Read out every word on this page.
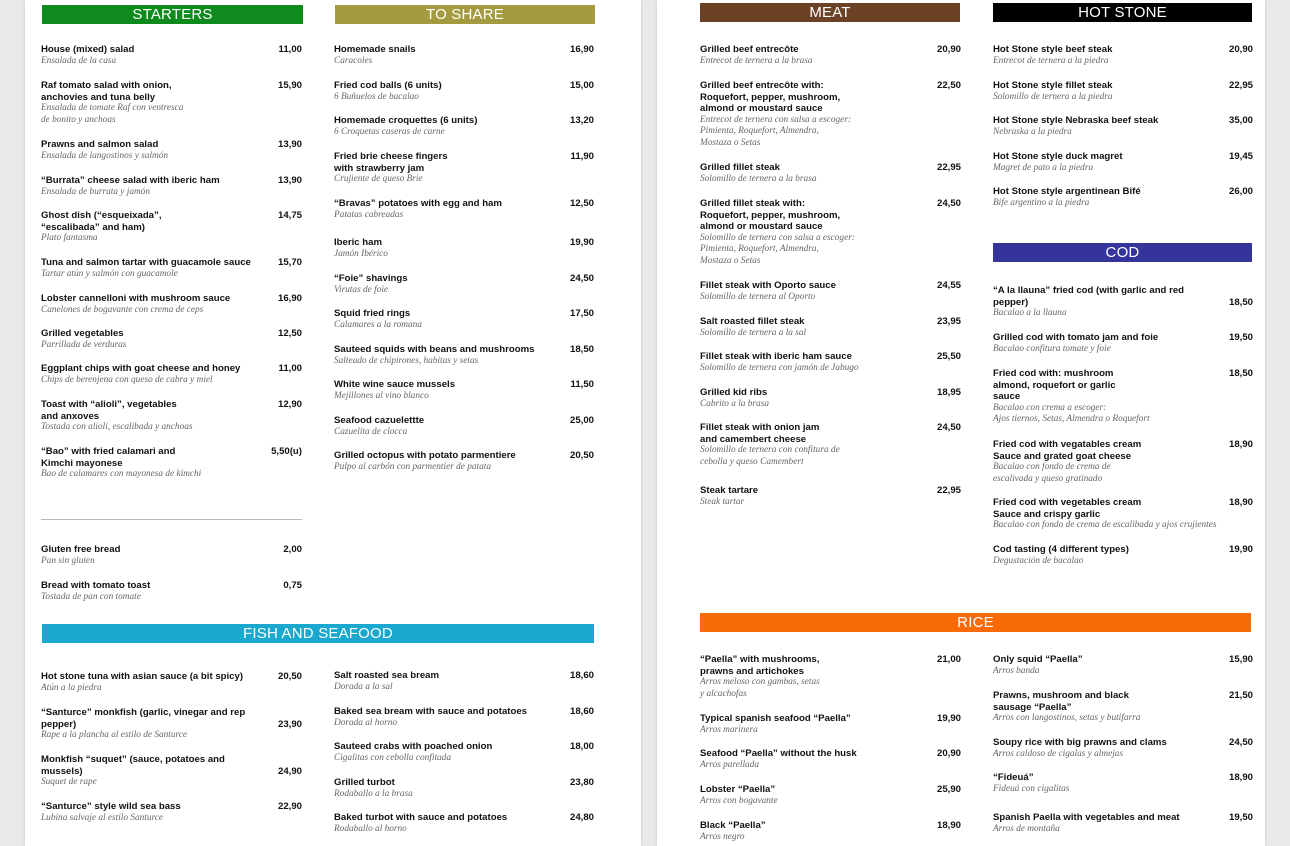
STARTERS	TO SHARE
FISH AND SEAFOOD
House (mixed) salad
Ensalada de la casa
11,00
Raf tomato salad with onion,
anchovies and tuna belly
Ensalada de tomate Raf con ventresca
de bonito y anchoas
15,90
Prawns and salmon salad
Ensalada de langostinos y salmón
13,90
“Burrata” cheese salad with iberic ham
Ensalada de burrata y jamón
13,90
Ghost dish (“esqueixada”,
“escalibada” and ham)
Plato fantasma
14,75
Tuna and salmon tartar with guacamole sauce
Tartar atún y salmón con guacamole
15,70
Lobster cannelloni with mushroom sauce
Canelones de bogavante con crema de ceps
16,90
Grilled vegetables
Parrillada de verduras
12,50
Eggplant chips with goat cheese and honey
Chips de berenjena con queso de cabra y miel
11,00
Toast with “alioli”, vegetables
and anxoves
Tostada con alioli, escalibada y anchoas
12,90
“Bao” with fried calamari and
Kimchi mayonese
Bao de calamares con mayonesa de kimchi
5,50(u)
Gluten free bread
Pan sin gluten
2,00
Bread with tomato toast
Tostada de pan con tomate
0,75
Homemade snails
Caracoles
16,90
Fried cod balls (6 units)
6 Buñuelos de bacalao
15,00
Homemade croquettes (6 units)
6 Croquetas caseras de carne
13,20
Fried brie cheese fingers
with strawberry jam
Crujiente de queso Brie
11,90
“Bravas” potatoes with egg and ham
Patatas cabreadas
12,50
Iberic ham
Jamón Ibérico
19,90
“Foie” shavings
Virutas de foie
24,50
Squid fried rings
Calamares a la romana
17,50
Sauteed squids with beans and mushrooms
Salteado de chipirones, habitas y setas
18,50
White wine sauce mussels
Mejillones al vino blanco
11,50
Seafood cazuelettte
Cazuelita de clocca
25,00
Grilled octopus with potato parmentiere
Pulpo al carbón con parmentier de patata
20,50
Hot stone tuna with asian sauce (a bit spicy)
Atún a la piedra
20,50
“Santurce” monkfish (garlic, vinegar and rep
pepper)
Rape a la plancha al estilo de Santurce
23,90
Monkfish “suquet” (sauce, potatoes and
mussels)
Suquet de rape
24,90
“Santurce” style wild sea bass
Lubina salvaje al estilo Santurce
22,90
Salt roasted sea bream
Dorada a la sal
18,60
Baked sea bream with sauce and potatoes
Dorada al horno
18,60
Sauteed crabs with poached onion
Cigalitas con cebolla confitada
18,00
Grilled turbot
Rodaballo a la brasa
23,80
Baked turbot with sauce and potatoes
Rodaballo al horno
24,80
MEAT	HOT STONE
COD
RICE
Grilled beef entrecôte
Entrecot de ternera a la brasa
20,90
Grilled beef entrecôte with:
Roquefort, pepper, mushroom,
almond or moustard sauce
Entrecot de ternera con salsa a escoger:
Pimienta, Roquefort, Almendra,
Mostaza o Setas
22,50
Grilled fillet steak
Solomillo de ternera a la brasa
22,95
Grilled fillet steak with:
Roquefort, pepper, mushroom,
almond or moustard sauce
Solomillo de ternera con salsa a escoger:
Pimienta, Roquefort, Almendra,
Mostaza o Setas
24,50
Fillet steak with Oporto sauce
Solomillo de ternera al Oporto
24,55
Salt roasted fillet steak
Solomillo de ternera a la sal
23,95
Fillet steak with iberic ham sauce
Solomillo de ternera con jamón de Jabugo
25,50
Grilled kid ribs
Cabrito a la brasa
18,95
Fillet steak with onion jam
and camembert cheese
Solomillo de ternera con confitura de
cebolla y queso Camembert
24,50
Steak tartare
Steak tartar
22,95
Hot Stone style beef steak
Entrecot de ternera a la piedra
20,90
Hot Stone style fillet steak
Solomillo de ternera a la piedra
22,95
Hot Stone style Nebraska beef steak
Nebraska a la piedra
35,00
Hot Stone style duck magret
Magret de pato a la piedra
19,45
Hot Stone style argentinean Bifé
Bife argentino a la piedra
26,00
“A la llauna” fried cod (with garlic and red
pepper)
Bacalao a la llauna
18,50
Grilled cod with tomato jam and foie
Bacalao confitura tomate y foie
19,50
Fried cod with: mushroom
almond, roquefort or garlic
sauce
Bacalao con crema a escoger:
Ajos tiernos, Setas, Almendra o Roquefort
18,50
Fried cod with vegatables cream
Sauce and grated goat cheese
Bacalao con fondo de crema de
escalivada y queso gratinado
18,90
Fried cod with vegetables cream
Sauce and crispy garlic
Bacalao con fondo de crema de escalibada y ajos crujientes
18,90
Cod tasting (4 different types)
Degustación de bacalao
19,90
“Paella” with mushrooms,
prawns and artichokes
Arros meloso con gambas, setas
y alcachofas
21,00
Typical spanish seafood “Paella”
Arros marinera
19,90
Seafood “Paella” without the husk
Arros parellada
20,90
Lobster “Paella”
Arros con bogavante
25,90
Black “Paella”
Arros negro
18,90
Only squid “Paella”
Arros banda
15,90
Prawns, mushroom and black
sausage “Paella”
Arros con langostinos, setas y butifarra
21,50
Soupy rice with big prawns and clams
Arros caldoso de cigalas y almejas
24,50
“Fideuá”
Fideuá con cigalitas
18,90
Spanish Paella with vegetables and meat
Arros de montaña
19,50
